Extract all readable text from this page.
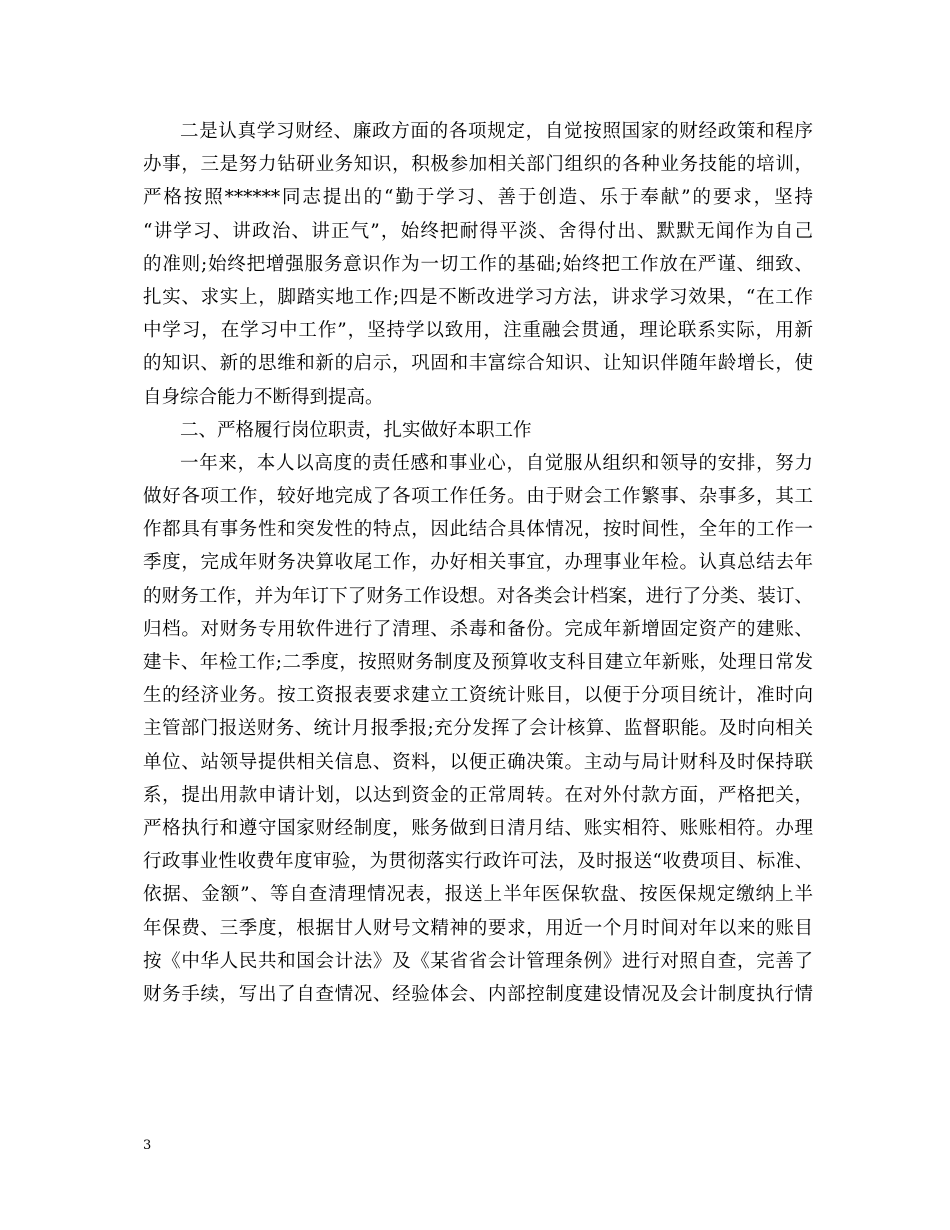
二是认真学习财经、廉政方面的各项规定，自觉按照国家的财经政策和程序
办事，三是努力钻研业务知识，积极参加相关部门组织的各种业务技能的培训，
严格按照******同志提出的“勤于学习、善于创造、乐于奉献”的要求，坚持
“讲学习、讲政治、讲正气”，始终把耐得平淡、舍得付出、默默无闻作为自己
的准则;始终把增强服务意识作为一切工作的基础;始终把工作放在严谨、细致、
扎实、求实上，脚踏实地工作;四是不断改进学习方法，讲求学习效果，“在工作
中学习，在学习中工作”，坚持学以致用，注重融会贯通，理论联系实际，用新
的知识、新的思维和新的启示，巩固和丰富综合知识、让知识伴随年龄增长，使
自身综合能力不断得到提高。
二、严格履行岗位职责，扎实做好本职工作
一年来，本人以高度的责任感和事业心，自觉服从组织和领导的安排，努力
做好各项工作，较好地完成了各项工作任务。由于财会工作繁事、杂事多，其工
作都具有事务性和突发性的特点，因此结合具体情况，按时间性，全年的工作一
季度，完成年财务决算收尾工作，办好相关事宜，办理事业年检。认真总结去年
的财务工作，并为年订下了财务工作设想。对各类会计档案，进行了分类、装订、
归档。对财务专用软件进行了清理、杀毒和备份。完成年新增固定资产的建账、
建卡、年检工作;二季度，按照财务制度及预算收支科目建立年新账，处理日常发
生的经济业务。按工资报表要求建立工资统计账目，以便于分项目统计，准时向
主管部门报送财务、统计月报季报;充分发挥了会计核算、监督职能。及时向相关
单位、站领导提供相关信息、资料，以便正确决策。主动与局计财科及时保持联
系，提出用款申请计划，以达到资金的正常周转。在对外付款方面，严格把关，
严格执行和遵守国家财经制度，账务做到日清月结、账实相符、账账相符。办理
行政事业性收费年度审验，为贯彻落实行政许可法，及时报送“收费项目、标准、
依据、金额”、等自查清理情况表，报送上半年医保软盘、按医保规定缴纳上半
年保费、三季度，根据甘人财号文精神的要求，用近一个月时间对年以来的账目
按《中华人民共和国会计法》及《某省省会计管理条例》进行对照自查，完善了
财务手续，写出了自查情况、经验体会、内部控制度建设情况及会计制度执行情
3
